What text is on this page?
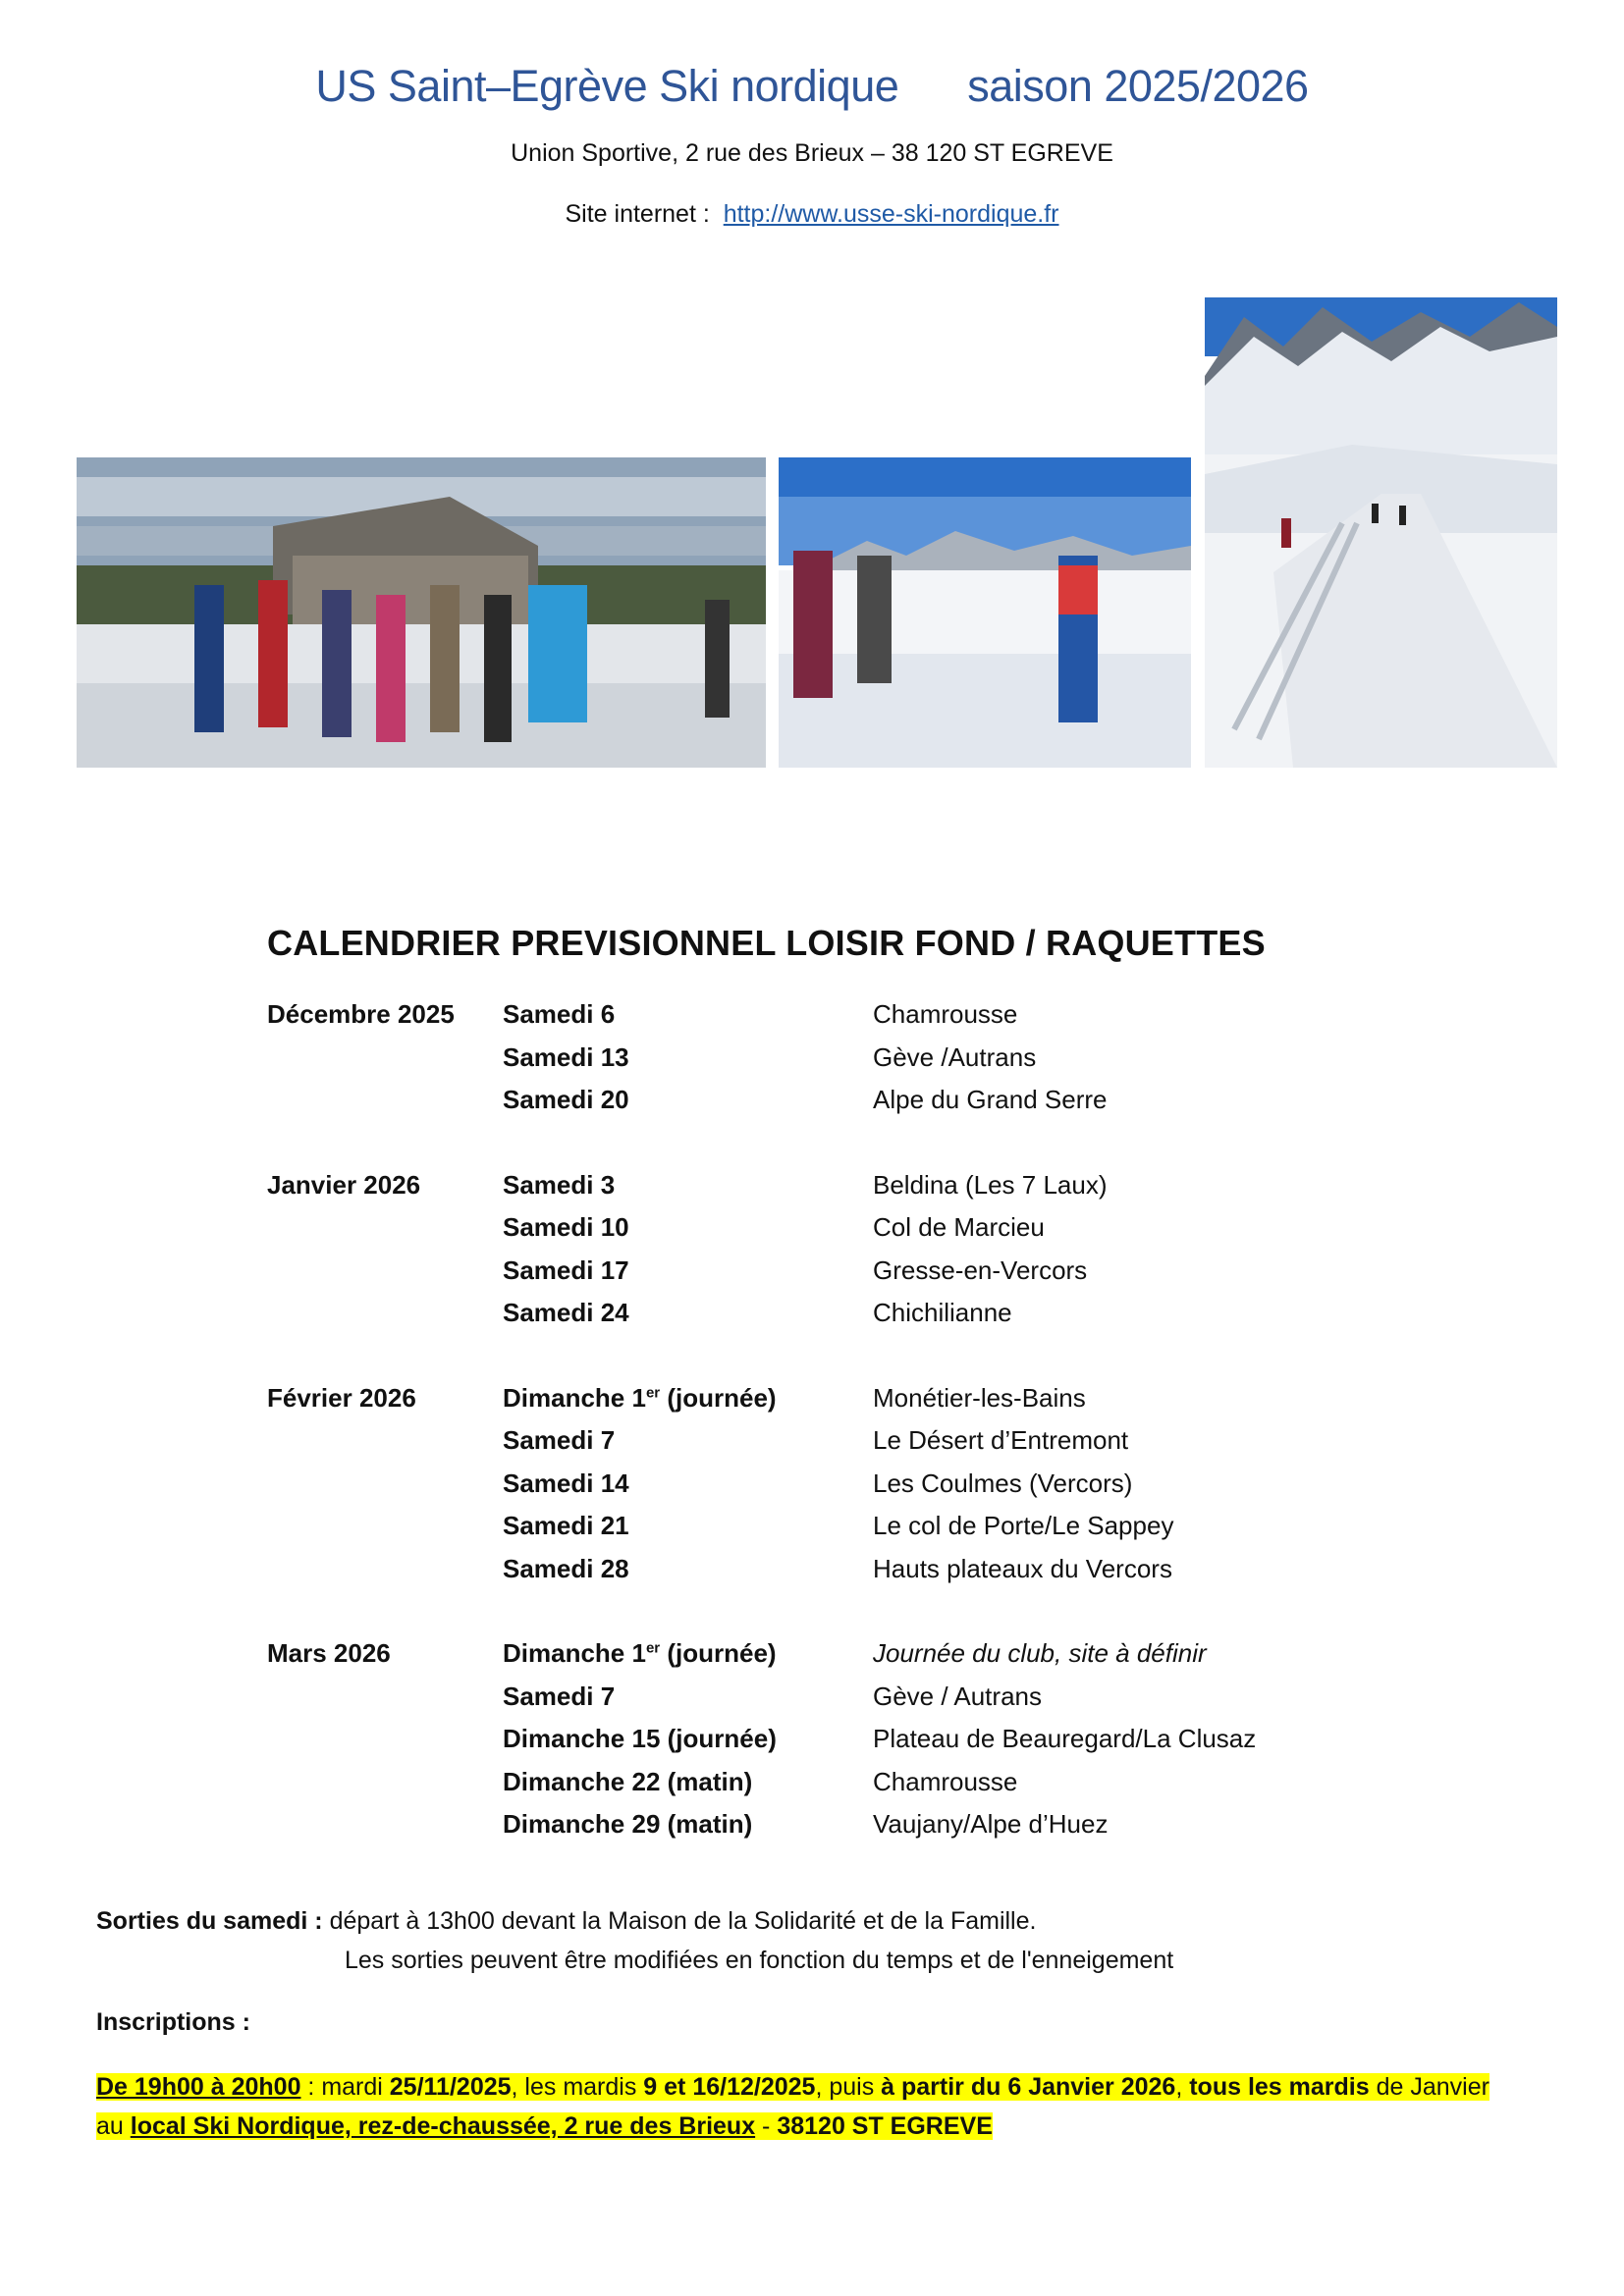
US Saint–Egrève Ski nordique saison 2025/2026
Union Sportive, 2 rue des Brieux – 38 120 ST EGREVE
Site internet : http://www.usse-ski-nordique.fr
CALENDRIER PREVISIONNEL LOISIR FOND / RAQUETTES
Décembre 2025	Samedi 6	Chamrousse
Samedi 13	Gève /Autrans
Samedi 20	Alpe du Grand Serre
Janvier 2026	Samedi 3	Beldina (Les 7 Laux)
Samedi 10	Col de Marcieu
Samedi 17	Gresse-en-Vercors
Samedi 24	Chichilianne
Février 2026	Dimanche 1er (journée)	Monétier-les-Bains
Samedi 7	Le Désert d’Entremont
Samedi 14	Les Coulmes (Vercors)
Samedi 21	Le col de Porte/Le Sappey
Samedi 28	Hauts plateaux du Vercors
Mars 2026	Dimanche 1er (journée)	Journée du club, site à définir
Samedi 7	Gève / Autrans
Dimanche 15 (journée)	Plateau de Beauregard/La Clusaz
Dimanche 22 (matin)	Chamrousse
Dimanche 29 (matin)	Vaujany/Alpe d’Huez
Sorties du samedi : départ à 13h00 devant la Maison de la Solidarité et de la Famille.
Les sorties peuvent être modifiées en fonction du temps et de l'enneigement
Inscriptions :
De 19h00 à 20h00 : mardi 25/11/2025, les mardis 9 et 16/12/2025, puis à partir du 6 Janvier 2026, tous les mardis de Janvier au local Ski Nordique, rez-de-chaussée, 2 rue des Brieux - 38120 ST EGREVE
